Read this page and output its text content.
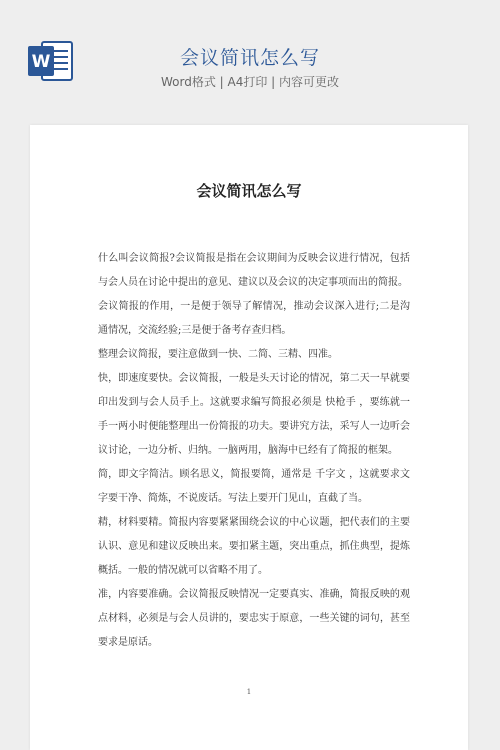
W	会议简讯怎么写
Word格式 | A4打印 | 内容可更改
会议简讯怎么写

什么叫会议简报?会议简报是指在会议期间为反映会议进行情况，包括与会人员在讨论中提出的意见、建议以及会议的决定事项而出的简报。

会议简报的作用，一是便于领导了解情况，推动会议深入进行;二是沟通情况，交流经验;三是便于备考存查归档。

整理会议简报，要注意做到一快、二简、三精、四准。

快，即速度要快。会议简报，一般是头天讨论的情况，第二天一早就要印出发到与会人员手上。这就要求编写简报必须是 快枪手 ，要练就一手一两小时便能整理出一份简报的功夫。要讲究方法，采写人一边听会议讨论，一边分析、归纳。一脑两用，脑海中已经有了简报的框架。

简，即文字简洁。顾名思义，简报要简，通常是 千字文 ，这就要求文字要干净、简炼，不说废话。写法上要开门见山，直截了当。

精，材料要精。简报内容要紧紧围绕会议的中心议题，把代表们的主要认识、意见和建议反映出来。要扣紧主题，突出重点，抓住典型，提炼概括。一般的情况就可以省略不用了。

准，内容要准确。会议简报反映情况一定要真实、准确，简报反映的观点材料，必须是与会人员讲的，要忠实于原意，一些关键的词句，甚至要求是原话。

1
